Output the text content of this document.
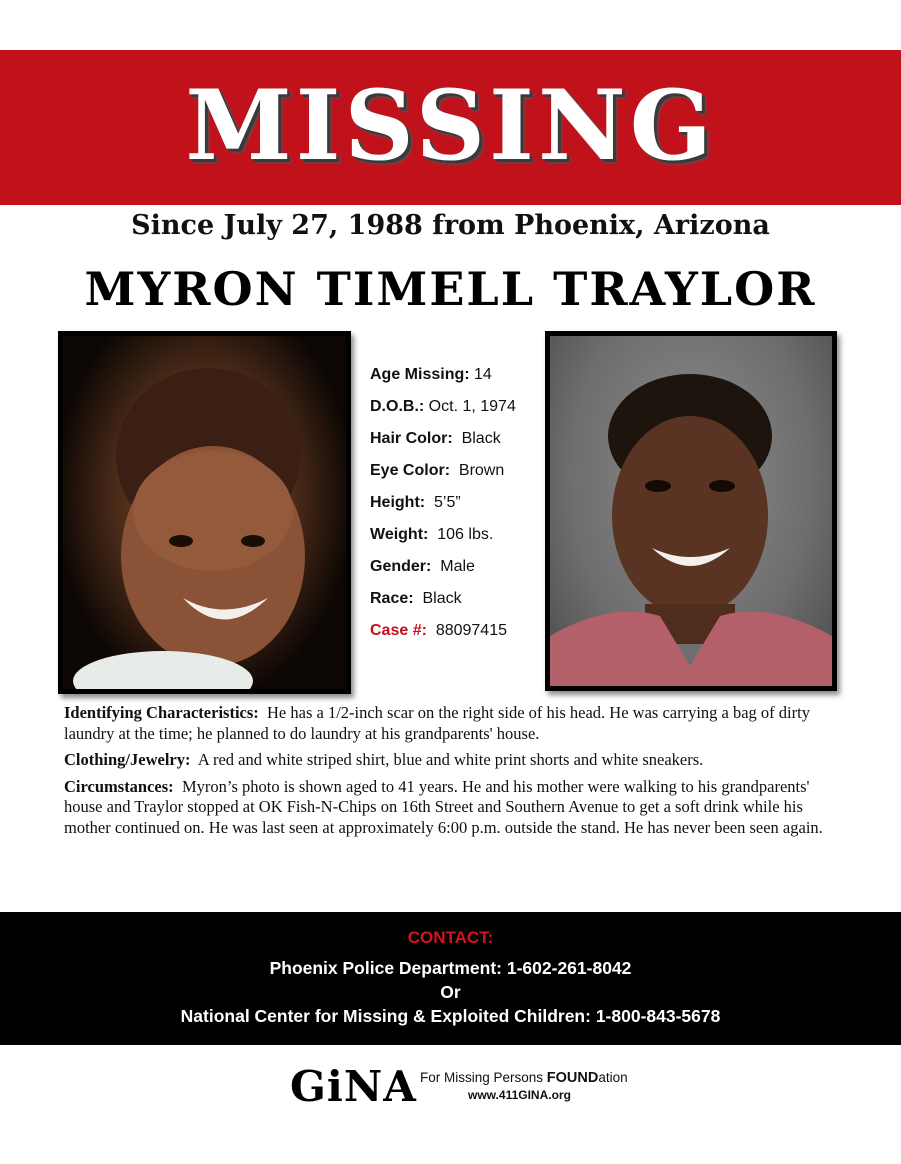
MISSING
Since July 27, 1988 from Phoenix, Arizona
MYRON TIMELL TRAYLOR
Age Missing: 14
D.O.B.: Oct. 1, 1974
Hair Color: Black
Eye Color: Brown
Height: 5’5”
Weight: 106 lbs.
Gender: Male
Race: Black
Case #: 88097415

Identifying Characteristics: He has a 1/2-inch scar on the right side of his head. He was carrying a bag of dirty laundry at the time; he planned to do laundry at his grandparents' house.

Clothing/Jewelry: A red and white striped shirt, blue and white print shorts and white sneakers.

Circumstances: Myron’s photo is shown aged to 41 years. He and his mother were walking to his grandparents' house and Traylor stopped at OK Fish-N-Chips on 16th Street and Southern Avenue to get a soft drink while his mother continued on. He was last seen at approximately 6:00 p.m. outside the stand. He has never been seen again.

CONTACT:
Phoenix Police Department: 1-602-261-8042
Or
National Center for Missing & Exploited Children: 1-800-843-5678
GiNA For Missing Persons FOUNDation
www.411GINA.org
